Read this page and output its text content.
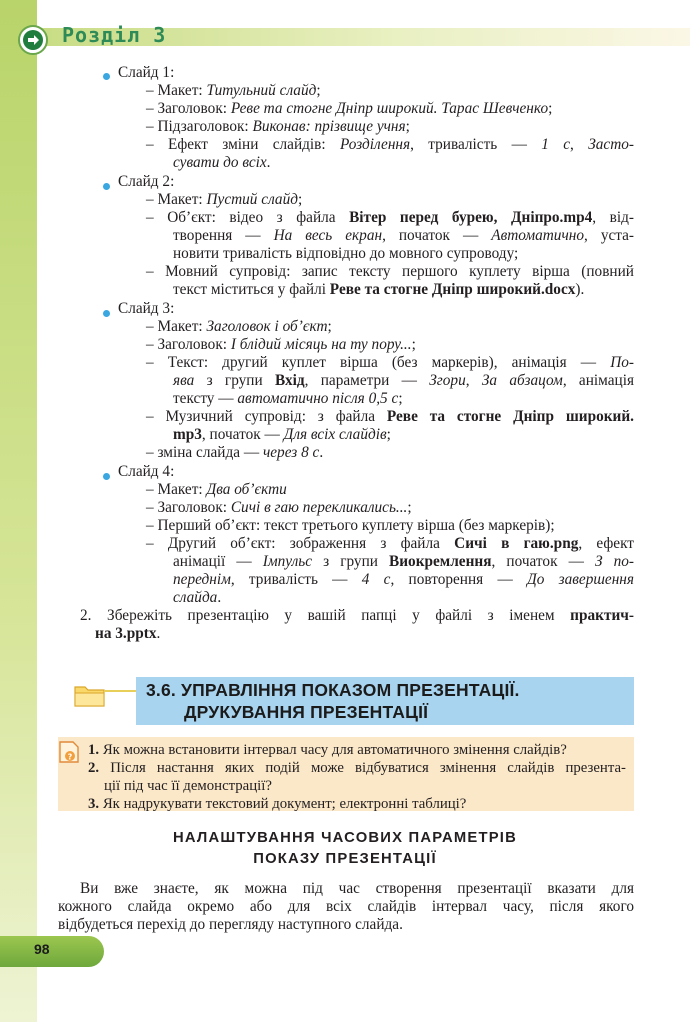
Розділ 3
Слайд 1:
– Макет: Титульний слайд;
– Заголовок: Реве та стогне Дніпр широкий. Тарас Шевченко;
– Підзаголовок: Виконав: прізвище учня;
– Ефект зміни слайдів: Розділення, тривалість — 1 с, Засто-
сувати до всіх.
Слайд 2:
– Макет: Пустий слайд;
– Об’єкт: відео з файла Вітер перед бурею, Дніпро.mp4, від-
творення — На весь екран, початок — Автоматично, уста-
новити тривалість відповідно до мовного супроводу;
– Мовний супровід: запис тексту першого куплету вірша (повний
текст міститься у файлі Реве та стогне Дніпр широкий.docx).
Слайд 3:
– Макет: Заголовок і об’єкт;
– Заголовок: І блідий місяць на ту пору...;
– Текст: другий куплет вірша (без маркерів), анімація — По-
ява з групи Вхід, параметри — Згори, За абзацом, анімація
тексту — автоматично після 0,5 с;
– Музичний супровід: з файла Реве та стогне Дніпр широкий.
mp3, початок — Для всіх слайдів;
– зміна слайда — через 8 с.
Слайд 4:
– Макет: Два об’єкти
– Заголовок: Сичі в гаю перекликались...;
– Перший об’єкт: текст третього куплету вірша (без маркерів);
– Другий об’єкт: зображення з файла Сичі в гаю.png, ефект
анімації — Імпульс з групи Виокремлення, початок — З по-
переднім, тривалість — 4 с, повторення — До завершення
слайда.
2. Збережіть презентацію у вашій папці у файлі з іменем практич-
на 3.pptx.
3.6. УПРАВЛІННЯ ПОКАЗОМ ПРЕЗЕНТАЦІЇ.
ДРУКУВАННЯ ПРЕЗЕНТАЦІЇ
? 1. Як можна встановити інтервал часу для автоматичного змінення слайдів?
2. Після настання яких подій може відбуватися змінення слайдів презента-
ції під час її демонстрації?
3. Як надрукувати текстовий документ; електронні таблиці?
НАЛАШТУВАННЯ ЧАСОВИХ ПАРАМЕТРІВ
ПОКАЗУ ПРЕЗЕНТАЦІЇ
Ви вже знаєте, як можна під час створення презентації вказати для
кожного слайда окремо або для всіх слайдів інтервал часу, після якого
відбудеться перехід до перегляду наступного слайда.
98
